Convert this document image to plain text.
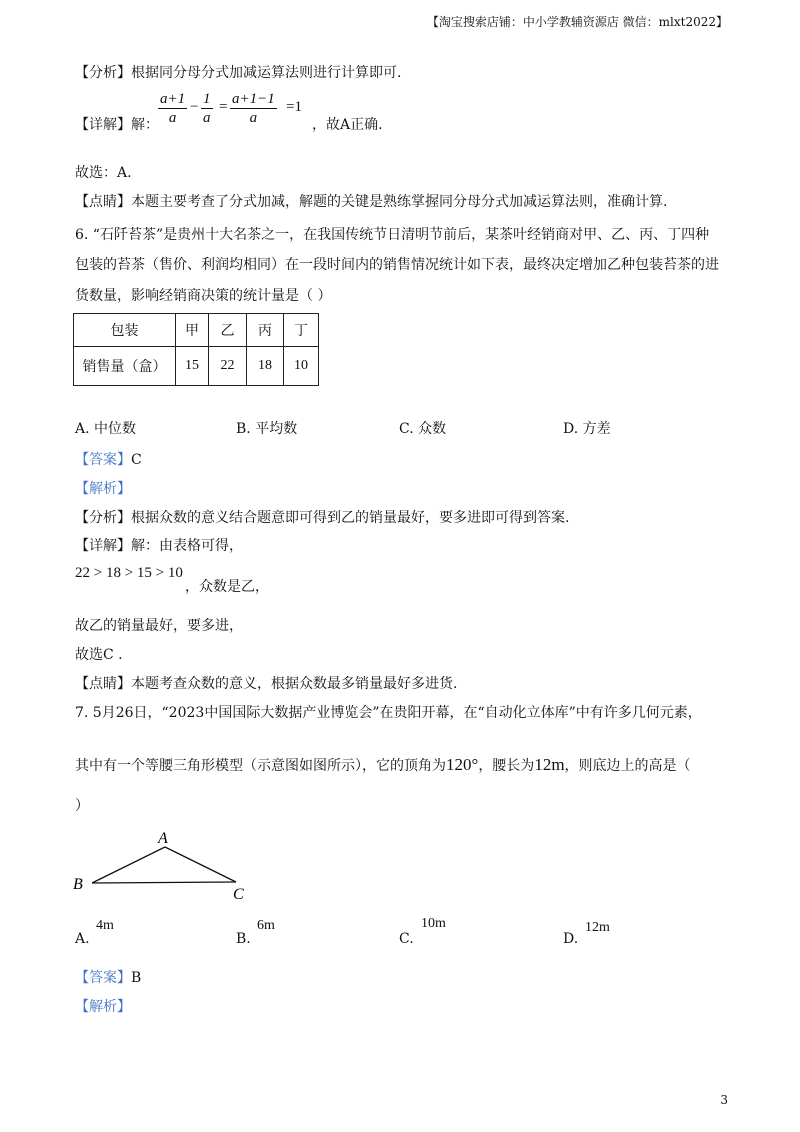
【淘宝搜索店铺：中小学教辅资源店 微信：mlxt2022】
【分析】根据同分母分式加减运算法则进行计算即可.
【详解】解： $\frac{a+1}{a} - \frac{1}{a} = \frac{a+1-1}{a} =1$
，故A正确.
故选：A.
【点睛】本题主要考查了分式加减，解题的关键是熟练掌握同分母分式加减运算法则，准确计算.
6. “石阡苔茶”是贵州十大名茶之一，在我国传统节日清明节前后，某茶叶经销商对甲、乙、丙、丁四种
包装的苔茶（售价、利润均相同）在一段时间内的销售情况统计如下表，最终决定增加乙种包装苔茶的进
货数量，影响经销商决策的统计量是（ ）
包装	甲	乙	丙	丁
销售量（盒）	15	22	18	10
A. 中位数	B. 平均数	C. 众数	D. 方差
【答案】C
【解析】
【分析】根据众数的意义结合题意即可得到乙的销量最好，要多进即可得到答案.
【详解】解：由表格可得，
22 > 18 > 15 > 10
，众数是乙，
故乙的销量最好，要多进，
故选C .
【点睛】本题考查众数的意义，根据众数最多销量最好多进货.
7. 5月26日，“2023中国国际大数据产业博览会”在贵阳开幕，在“自动化立体库”中有许多几何元素，
其中有一个等腰三角形模型（示意图如图所示），它的顶角为120°，腰长为12m，则底边上的高是（
）
A
B
C
A.
4m
B.
6m
C.
10m
D.
12m
【答案】B
【解析】
3
